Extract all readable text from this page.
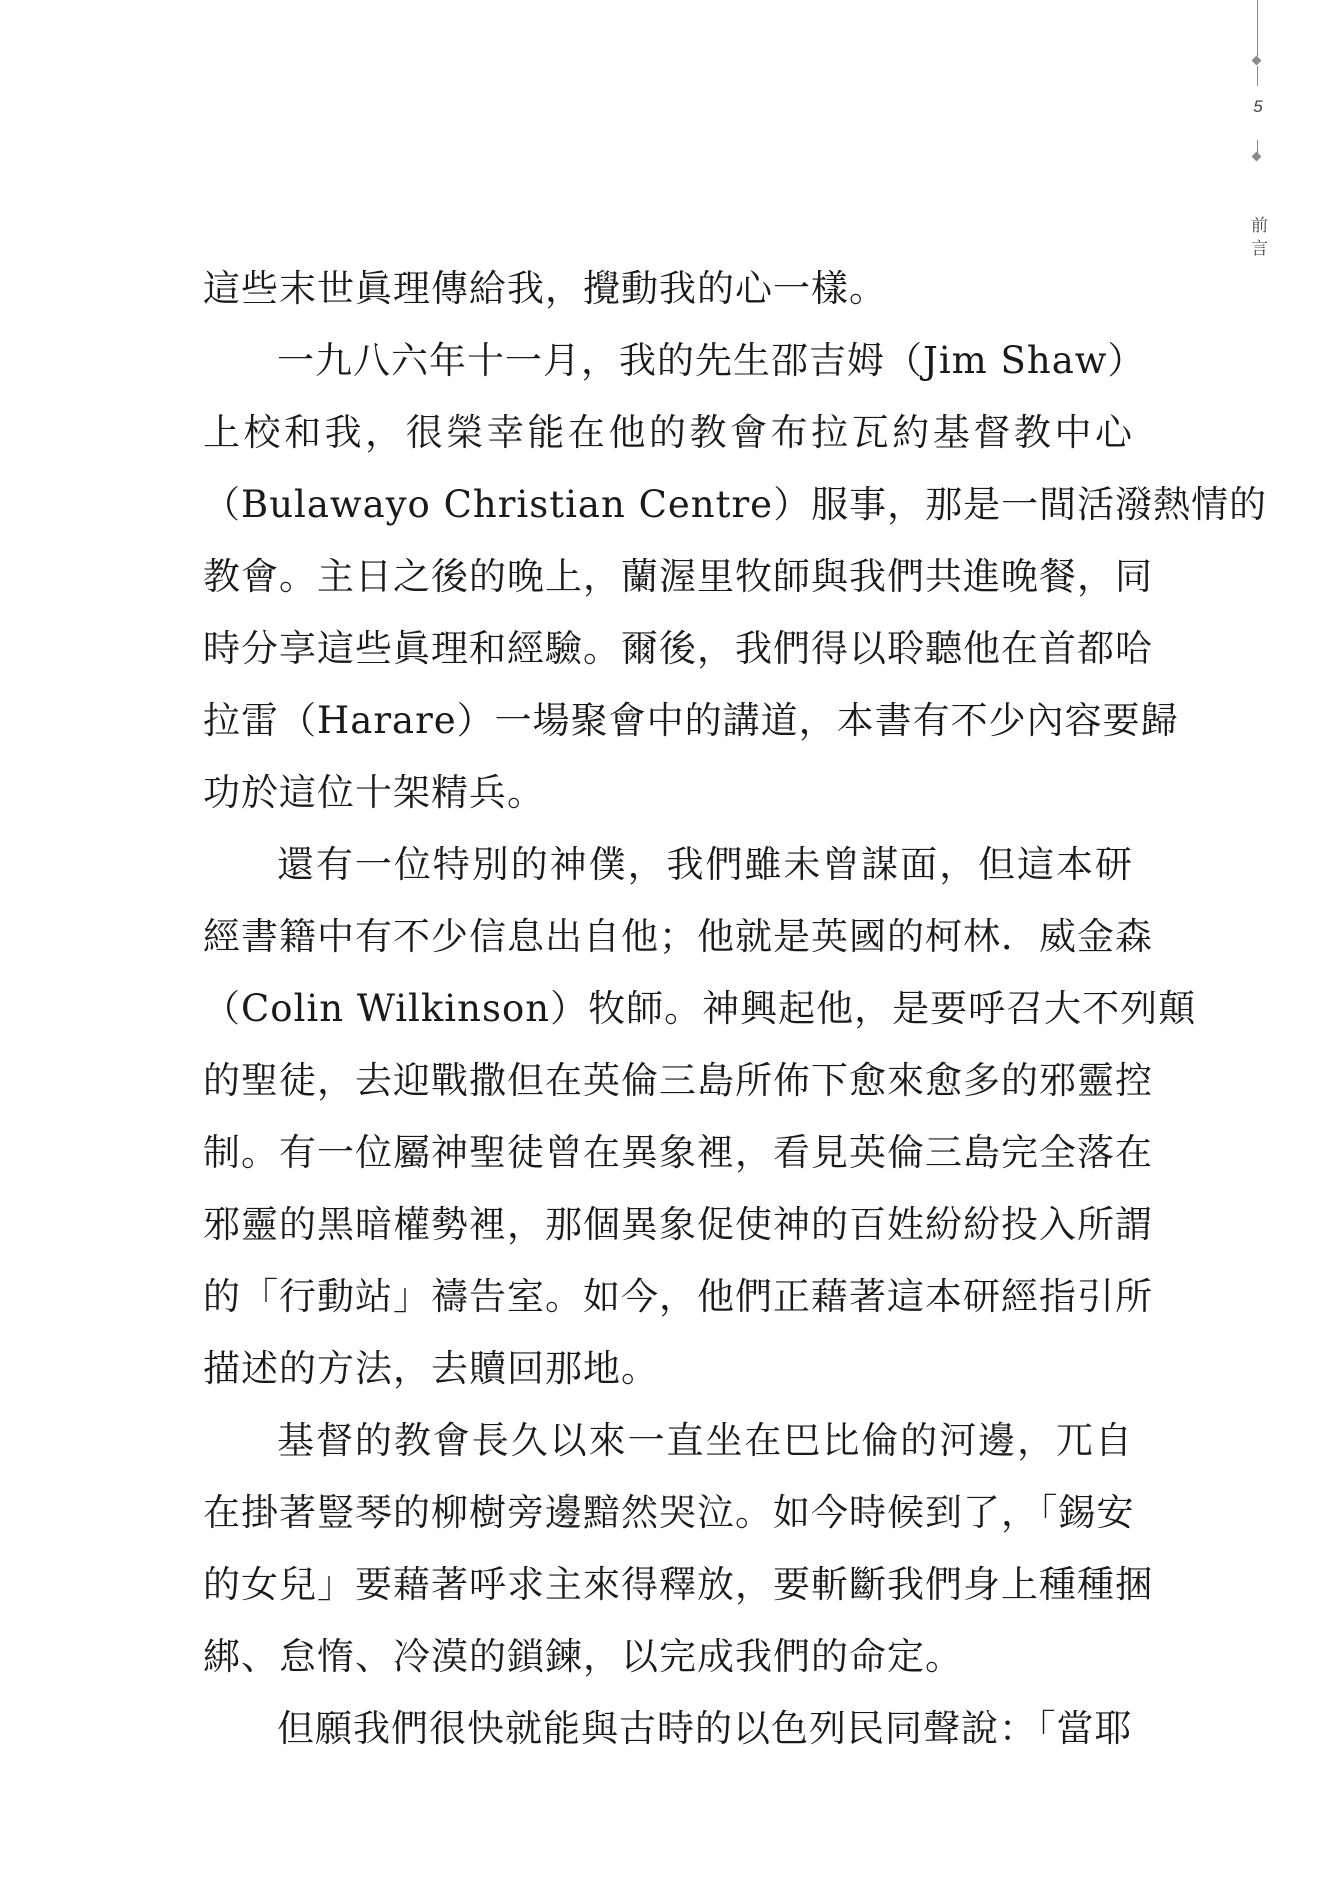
5
前言
這些末世眞理傳給我，攪動我的心一樣。
一九八六年十一月，我的先生邵吉姆（Jim Shaw）
上校和我，很榮幸能在他的教會布拉瓦約基督教中心
（Bulawayo Christian Centre）服事，那是一間活潑熱情的
教會。主日之後的晚上，蘭渥里牧師與我們共進晚餐，同
時分享這些眞理和經驗。爾後，我們得以聆聽他在首都哈
拉雷（Harare）一場聚會中的講道，本書有不少內容要歸
功於這位十架精兵。
還有一位特別的神僕，我們雖未曾謀面，但這本研
經書籍中有不少信息出自他；他就是英國的柯林．威金森
（Colin Wilkinson）牧師。神興起他，是要呼召大不列顛
的聖徒，去迎戰撒但在英倫三島所佈下愈來愈多的邪靈控
制。有一位屬神聖徒曾在異象裡，看見英倫三島完全落在
邪靈的黑暗權勢裡，那個異象促使神的百姓紛紛投入所謂
的「行動站」禱告室。如今，他們正藉著這本研經指引所
描述的方法，去贖回那地。
基督的教會長久以來一直坐在巴比倫的河邊，兀自
在掛著豎琴的柳樹旁邊黯然哭泣。如今時候到了，「錫安
的女兒」要藉著呼求主來得釋放，要斬斷我們身上種種捆
綁、怠惰、冷漠的鎖鍊，以完成我們的命定。
但願我們很快就能與古時的以色列民同聲說：「當耶
